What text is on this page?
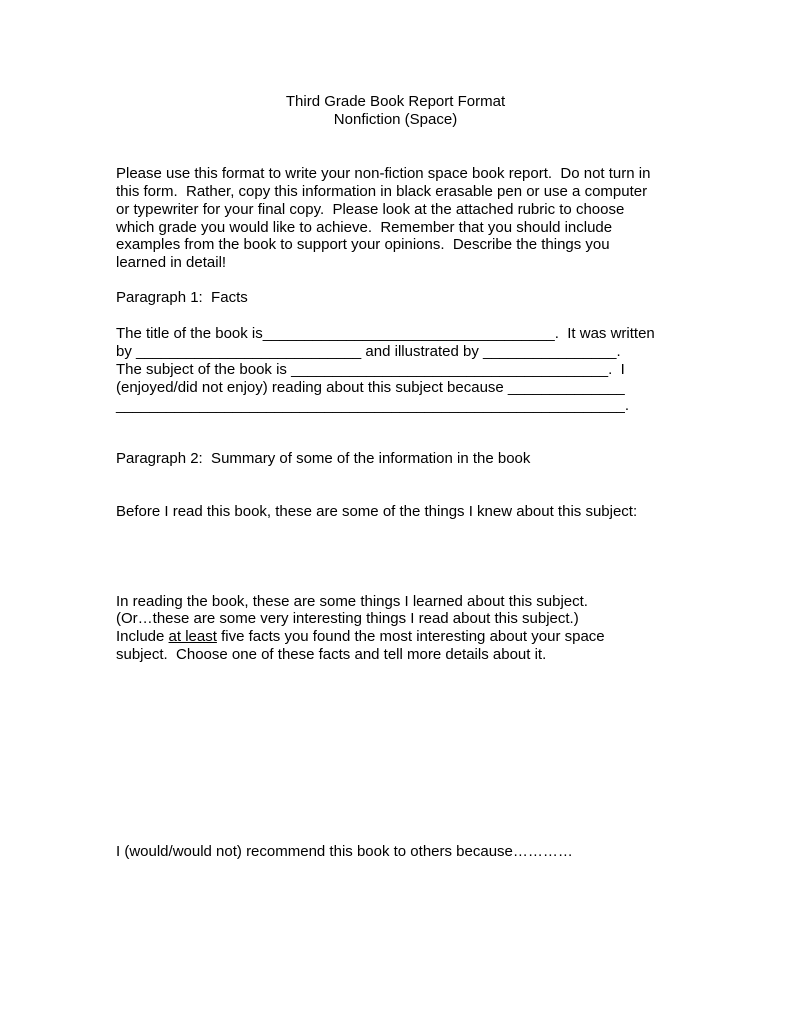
Third Grade Book Report Format

Nonfiction (Space)

Please use this format to write your non-fiction space book report.  Do not turn in

this form.  Rather, copy this information in black erasable pen or use a computer

or typewriter for your final copy.  Please look at the attached rubric to choose

which grade you would like to achieve.  Remember that you should include

examples from the book to support your opinions.  Describe the things you

learned in detail!

Paragraph 1:  Facts

The title of the book is___________________________________.  It was written

by ___________________________ and illustrated by ________________.

The subject of the book is ______________________________________.  I

(enjoyed/did not enjoy) reading about this subject because ______________

_____________________________________________________________.

Paragraph 2:  Summary of some of the information in the book

Before I read this book, these are some of the things I knew about this subject:

In reading the book, these are some things I learned about this subject.

(Or…these are some very interesting things I read about this subject.)

Include at least five facts you found the most interesting about your space

subject.  Choose one of these facts and tell more details about it.

I (would/would not) recommend this book to others because…………
